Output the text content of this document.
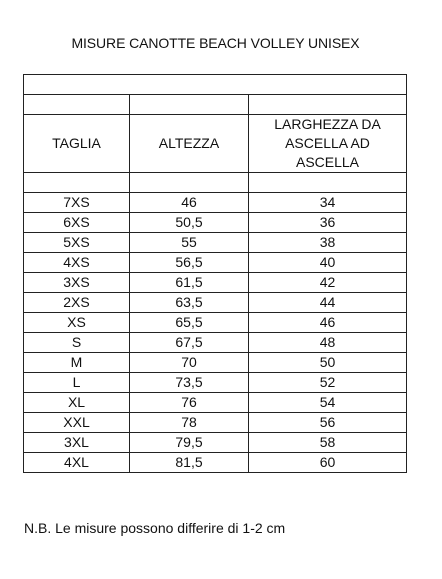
MISURE CANOTTE BEACH VOLLEY UNISEX

TAGLIA	ALTEZZA	LARGHEZZA DA
ASCELLA AD
ASCELLA

7XS	46	34
6XS	50,5	36
5XS	55	38
4XS	56,5	40
3XS	61,5	42
2XS	63,5	44
XS	65,5	46
S	67,5	48
M	70	50
L	73,5	52
XL	76	54
XXL	78	56
3XL	79,5	58
4XL	81,5	60
N.B. Le misure possono differire di 1-2 cm
